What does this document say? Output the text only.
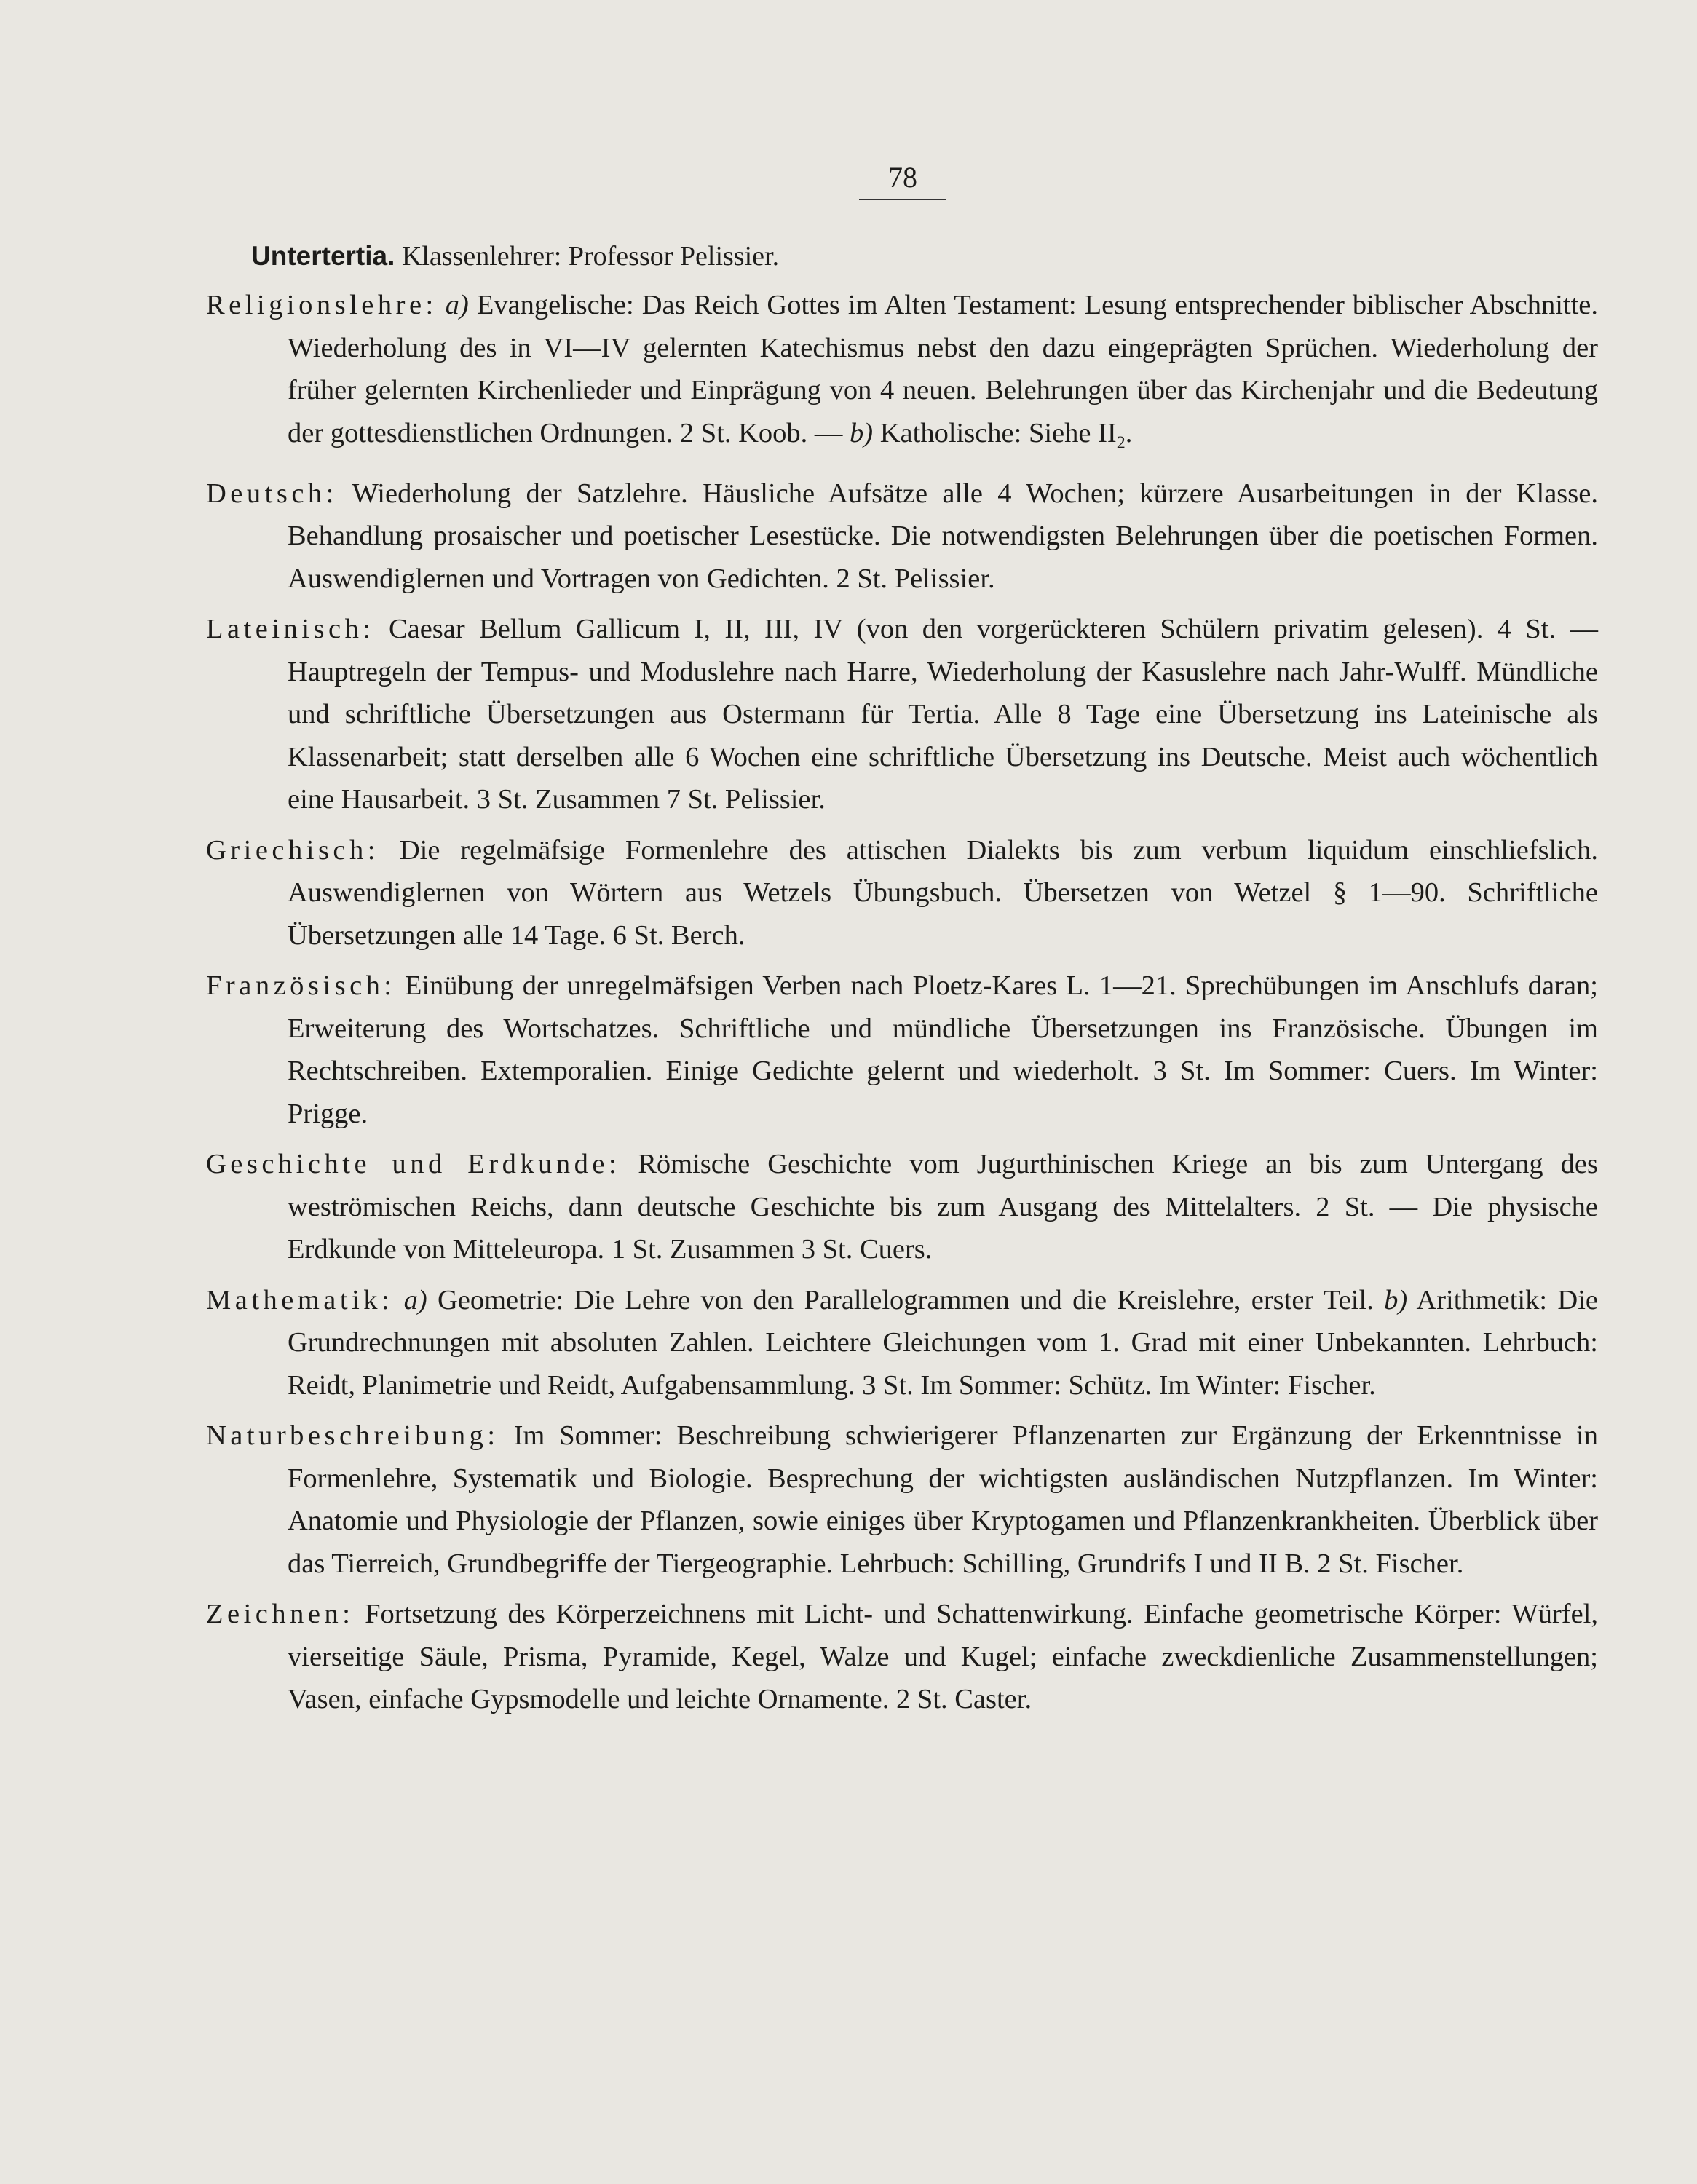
78
Untertertia. Klassenlehrer: Professor Pelissier.

Religionslehre: a) Evangelische: Das Reich Gottes im Alten Testament: Lesung entsprechender biblischer Abschnitte. Wiederholung des in VI—IV gelernten Katechismus nebst den dazu eingeprägten Sprüchen. Wiederholung der früher gelernten Kirchenlieder und Einprägung von 4 neuen. Belehrungen über das Kirchenjahr und die Bedeutung der gottesdienstlichen Ordnungen. 2 St. Koob. — b) Katholische: Siehe $II_2$.

Deutsch: Wiederholung der Satzlehre. Häusliche Aufsätze alle 4 Wochen; kürzere Ausarbeitungen in der Klasse. Behandlung prosaischer und poetischer Lesestücke. Die notwendigsten Belehrungen über die poetischen Formen. Auswendiglernen und Vortragen von Gedichten. 2 St. Pelissier.

Lateinisch: Caesar Bellum Gallicum I, II, III, IV (von den vorgerückteren Schülern privatim gelesen). 4 St. — Hauptregeln der Tempus- und Moduslehre nach Harre, Wiederholung der Kasuslehre nach Jahr-Wulff. Mündliche und schriftliche Übersetzungen aus Ostermann für Tertia. Alle 8 Tage eine Übersetzung ins Lateinische als Klassenarbeit; statt derselben alle 6 Wochen eine schriftliche Übersetzung ins Deutsche. Meist auch wöchentlich eine Hausarbeit. 3 St. Zusammen 7 St. Pelissier.

Griechisch: Die regelmäfsige Formenlehre des attischen Dialekts bis zum verbum liquidum einschliefslich. Auswendiglernen von Wörtern aus Wetzels Übungsbuch. Übersetzen von Wetzel § 1—90. Schriftliche Übersetzungen alle 14 Tage. 6 St. Berch.

Französisch: Einübung der unregelmäfsigen Verben nach Ploetz-Kares L. 1—21. Sprechübungen im Anschlufs daran; Erweiterung des Wortschatzes. Schriftliche und mündliche Übersetzungen ins Französische. Übungen im Rechtschreiben. Extemporalien. Einige Gedichte gelernt und wiederholt. 3 St. Im Sommer: Cuers. Im Winter: Prigge.

Geschichte und Erdkunde: Römische Geschichte vom Jugurthinischen Kriege an bis zum Untergang des weströmischen Reichs, dann deutsche Geschichte bis zum Ausgang des Mittelalters. 2 St. — Die physische Erdkunde von Mitteleuropa. 1 St. Zusammen 3 St. Cuers.

Mathematik: a) Geometrie: Die Lehre von den Parallelogrammen und die Kreislehre, erster Teil. b) Arithmetik: Die Grundrechnungen mit absoluten Zahlen. Leichtere Gleichungen vom 1. Grad mit einer Unbekannten. Lehrbuch: Reidt, Planimetrie und Reidt, Aufgabensammlung. 3 St. Im Sommer: Schütz. Im Winter: Fischer.

Naturbeschreibung: Im Sommer: Beschreibung schwierigerer Pflanzenarten zur Ergänzung der Erkenntnisse in Formenlehre, Systematik und Biologie. Besprechung der wichtigsten ausländischen Nutzpflanzen. Im Winter: Anatomie und Physiologie der Pflanzen, sowie einiges über Kryptogamen und Pflanzenkrankheiten. Überblick über das Tierreich, Grundbegriffe der Tiergeographie. Lehrbuch: Schilling, Grundrifs I und II B. 2 St. Fischer.

Zeichnen: Fortsetzung des Körperzeichnens mit Licht- und Schattenwirkung. Einfache geometrische Körper: Würfel, vierseitige Säule, Prisma, Pyramide, Kegel, Walze und Kugel; einfache zweckdienliche Zusammenstellungen; Vasen, einfache Gypsmodelle und leichte Ornamente. 2 St. Caster.
